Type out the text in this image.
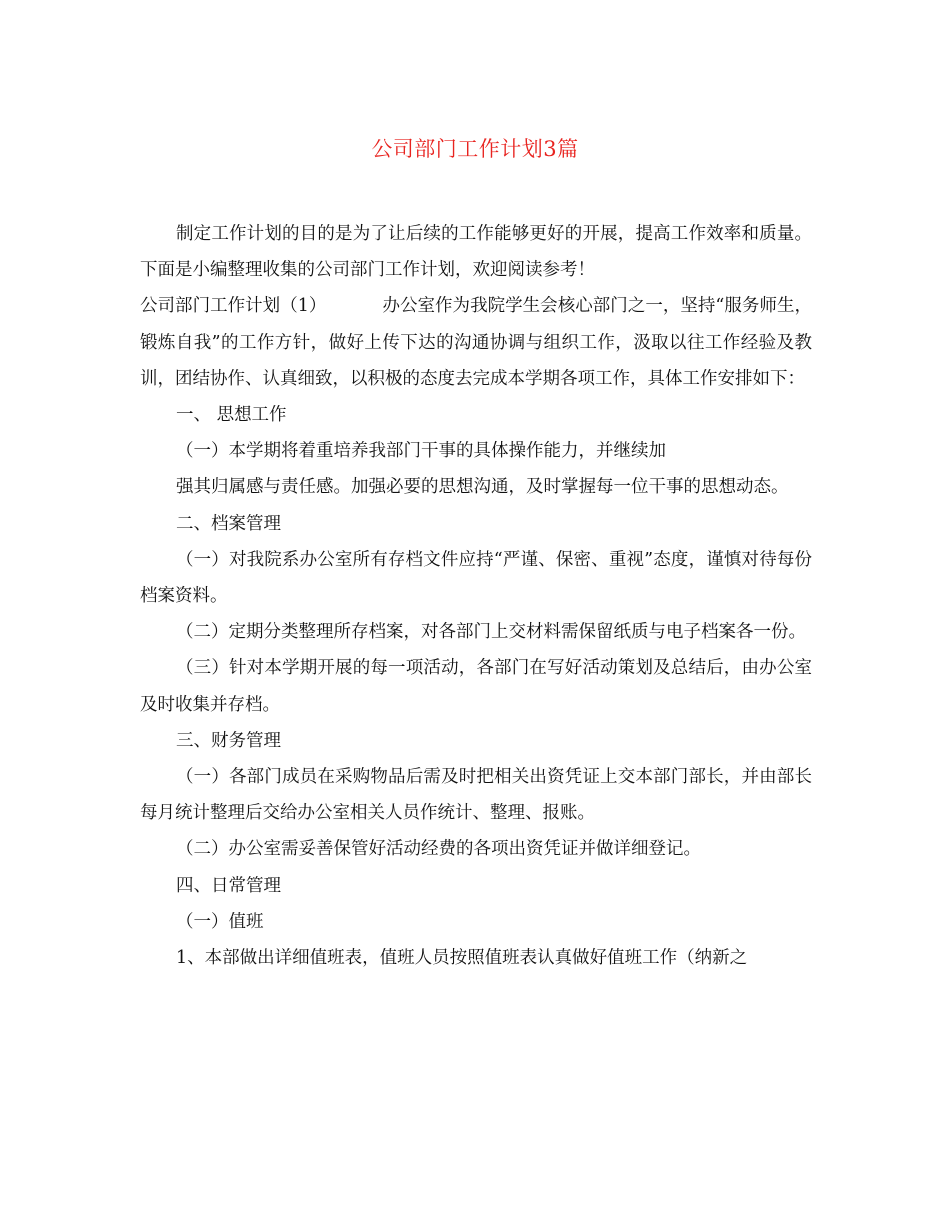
公司部门工作计划3篇

制定工作计划的目的是为了让后续的工作能够更好的开展，提高工作效率和质量。下面是小编整理收集的公司部门工作计划，欢迎阅读参考！

公司部门工作计划（1）	办公室作为我院学生会核心部门之一，坚持“服务师生，锻炼自我”的工作方针，做好上传下达的沟通协调与组织工作，汲取以往工作经验及教训，团结协作、认真细致，以积极的态度去完成本学期各项工作，具体工作安排如下：

一、 思想工作

（一）本学期将着重培养我部门干事的具体操作能力，并继续加

强其归属感与责任感。加强必要的思想沟通，及时掌握每一位干事的思想动态。

二、档案管理

（一）对我院系办公室所有存档文件应持“严谨、保密、重视”态度，谨慎对待每份档案资料。

（二）定期分类整理所存档案，对各部门上交材料需保留纸质与电子档案各一份。

（三）针对本学期开展的每一项活动，各部门在写好活动策划及总结后，由办公室及时收集并存档。

三、财务管理

（一）各部门成员在采购物品后需及时把相关出资凭证上交本部门部长，并由部长每月统计整理后交给办公室相关人员作统计、整理、报账。

（二）办公室需妥善保管好活动经费的各项出资凭证并做详细登记。

四、日常管理

（一）值班

1、本部做出详细值班表，值班人员按照值班表认真做好值班工作（纳新之
